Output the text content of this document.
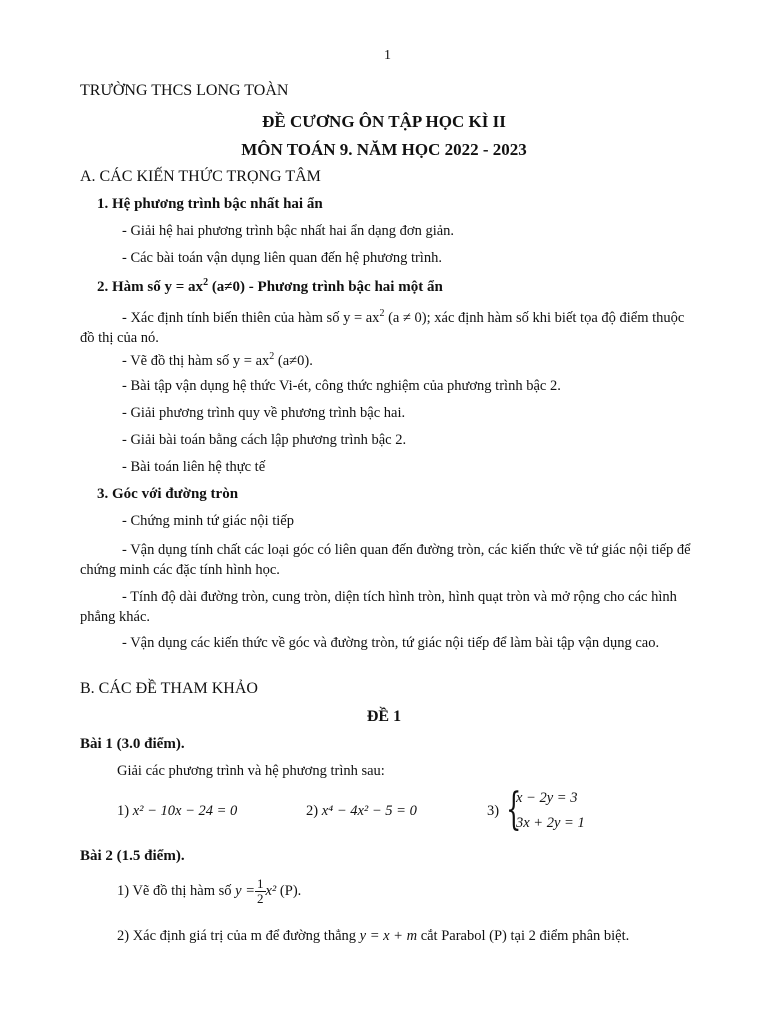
1
TRƯỜNG THCS LONG TOÀN
ĐỀ CƯƠNG ÔN TẬP HỌC KÌ II
MÔN TOÁN 9. NĂM HỌC 2022 - 2023
A. CÁC KIẾN THỨC TRỌNG TÂM
1. Hệ phương trình bậc nhất hai ẩn
- Giải hệ hai phương trình bậc nhất hai ẩn dạng đơn giản.
- Các bài toán vận dụng liên quan đến hệ phương trình.
2. Hàm số $y = ax^2$ (a≠0) - Phương trình bậc hai một ẩn
- Xác định tính biến thiên của hàm số $y = ax^2$ (a ≠ 0); xác định hàm số khi biết tọa độ điểm thuộc đồ thị của nó.
- Vẽ đồ thị hàm số $y = ax^2$ (a≠0).
- Bài tập vận dụng hệ thức Vi-ét, công thức nghiệm của phương trình bậc 2.
- Giải phương trình quy về phương trình bậc hai.
- Giải bài toán bằng cách lập phương trình bậc 2.
- Bài toán liên hệ thực tế
3. Góc với đường tròn
- Chứng minh tứ giác nội tiếp
- Vận dụng tính chất các loại góc có liên quan đến đường tròn, các kiến thức về tứ giác nội tiếp để chứng minh các đặc tính hình học.
- Tính độ dài đường tròn, cung tròn, diện tích hình tròn, hình quạt tròn và mở rộng cho các hình phẳng khác.
- Vận dụng các kiến thức về góc và đường tròn, tứ giác nội tiếp để làm bài tập vận dụng cao.
B. CÁC ĐỀ THAM KHẢO
ĐỀ 1
Bài 1 (3.0 điểm).
Giải các phương trình và hệ phương trình sau:
1) x² − 10x − 24 = 0	2) x⁴ − 4x² − 5 = 0	3) {
x − 2y = 3
3x + 2y = 1
Bài 2 (1.5 điểm).
1) Vẽ đồ thị hàm số $y = \frac{1}{2} x^2$ (P).
2) Xác định giá trị của m để đường thẳng y = x + m cắt Parabol (P) tại 2 điểm phân biệt.
